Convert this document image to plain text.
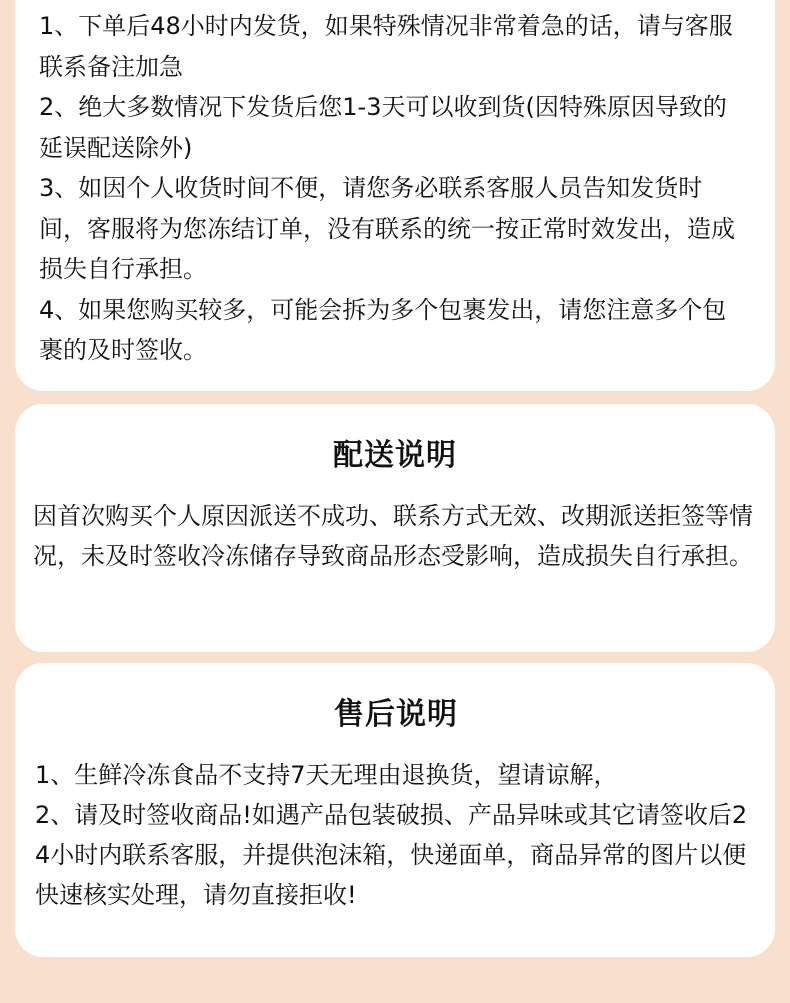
1、下单后48小时内发货，如果特殊情况非常着急的话，请与客服联系备注加急

2、绝大多数情况下发货后您1-3天可以收到货(因特殊原因导致的延误配送除外)

3、如因个人收货时间不便，请您务必联系客服人员告知发货时间，客服将为您冻结订单，没有联系的统一按正常时效发出，造成损失自行承担。

4、如果您购买较多，可能会拆为多个包裹发出，请您注意多个包裹的及时签收。

配送说明

因首次购买个人原因派送不成功、联系方式无效、改期派送拒签等情况，未及时签收冷冻储存导致商品形态受影响，造成损失自行承担。

售后说明

1、生鲜冷冻食品不支持7天无理由退换货，望请谅解，

2、请及时签收商品!如遇产品包装破损、产品异味或其它请签收后24小时内联系客服，并提供泡沫箱，快递面单，商品异常的图片以便快速核实处理，请勿直接拒收!
